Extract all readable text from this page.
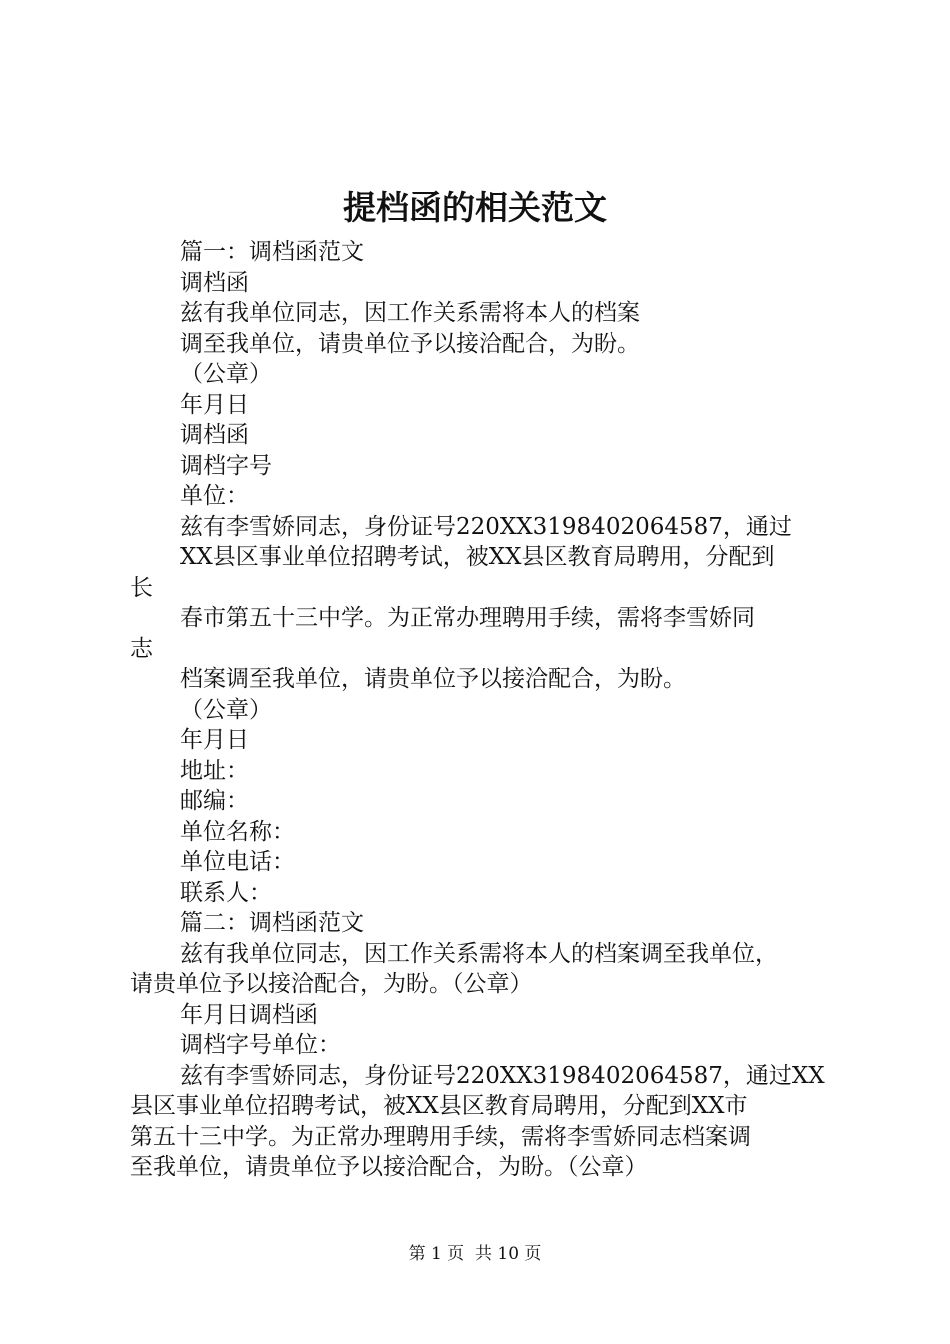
提档函的相关范文
篇一：调档函范文
调档函
兹有我单位同志，因工作关系需将本人的档案
调至我单位，请贵单位予以接洽配合，为盼。
（公章）
年月日
调档函
调档字号
单位：
兹有李雪娇同志，身份证号220XX3198402064587，通过
XX县区事业单位招聘考试，被XX县区教育局聘用，分配到
长
春市第五十三中学。为正常办理聘用手续，需将李雪娇同
志
档案调至我单位，请贵单位予以接洽配合，为盼。
（公章）
年月日
地址：
邮编：
单位名称：
单位电话：
联系人：
篇二：调档函范文
兹有我单位同志，因工作关系需将本人的档案调至我单位，
请贵单位予以接洽配合，为盼。（公章）
年月日调档函
调档字号单位：
兹有李雪娇同志，身份证号220XX3198402064587，通过XX
县区事业单位招聘考试，被XX县区教育局聘用，分配到XX市
第五十三中学。为正常办理聘用手续，需将李雪娇同志档案调
至我单位，请贵单位予以接洽配合，为盼。（公章）
第 1 页  共 10 页
